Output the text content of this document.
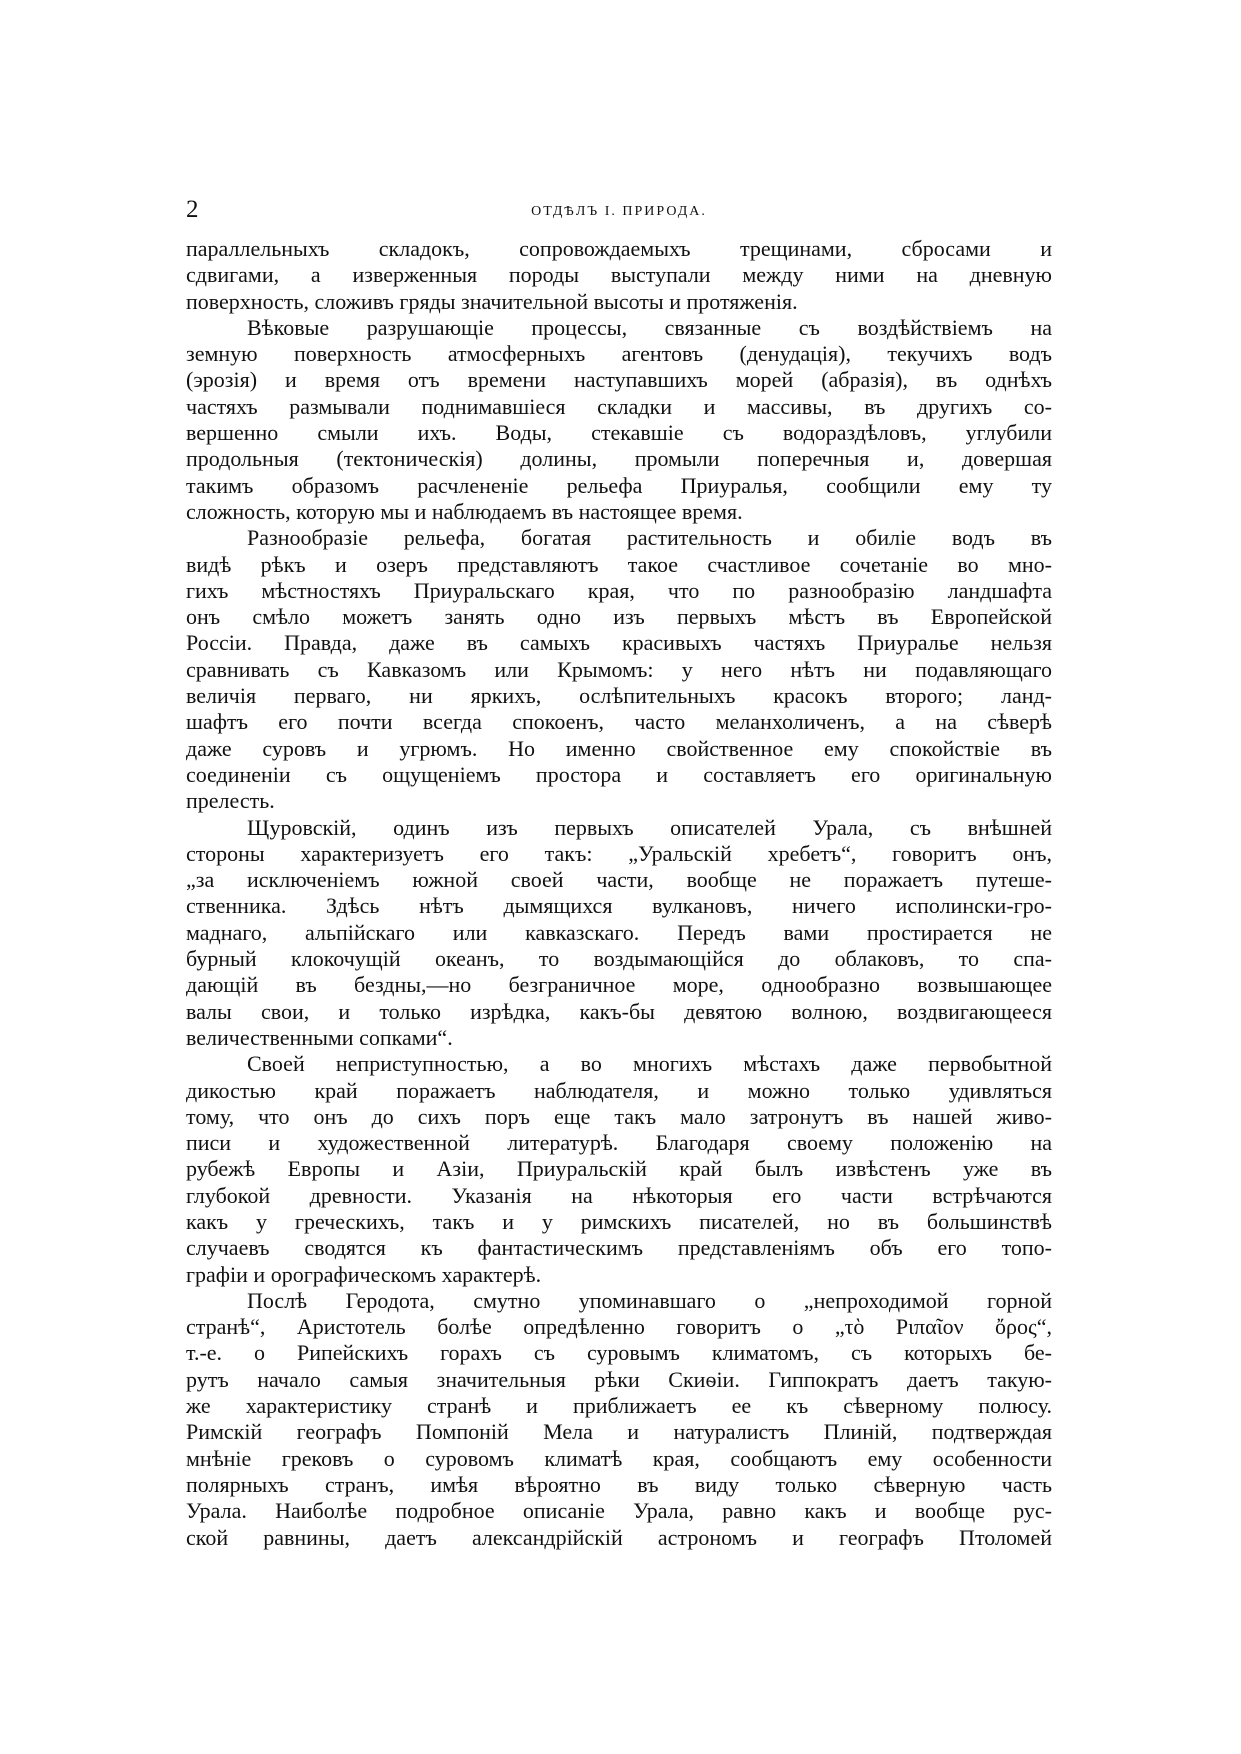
2	ОТДѢЛЪ I. ПРИРОДА.
параллельныхъ складокъ, сопровождаемыхъ трещинами, сбросами и
сдвигами, а изверженныя породы выступали между ними на дневную
поверхность, сложивъ гряды значительной высоты и протяженія.
Вѣковые разрушающіе процессы, связанные съ воздѣйствіемъ на
земную поверхность атмосферныхъ агентовъ (денудація), текучихъ водъ
(эрозія) и время отъ времени наступавшихъ морей (абразія), въ однѣхъ
частяхъ размывали поднимавшіеся складки и массивы, въ другихъ со-
вершенно смыли ихъ. Воды, стекавшіе съ водораздѣловъ, углубили
продольныя (тектоническія) долины, промыли поперечныя и, довершая
такимъ образомъ расчлененіе рельефа Приуралья, сообщили ему ту
сложность, которую мы и наблюдаемъ въ настоящее время.
Разнообразіе рельефа, богатая растительность и обиліе водъ въ
видѣ рѣкъ и озеръ представляютъ такое счастливое сочетаніе во мно-
гихъ мѣстностяхъ Приуральскаго края, что по разнообразію ландшафта
онъ смѣло можетъ занять одно изъ первыхъ мѣстъ въ Европейской
Россіи. Правда, даже въ самыхъ красивыхъ частяхъ Приуралье нельзя
сравнивать съ Кавказомъ или Крымомъ: у него нѣтъ ни подавляющаго
величія перваго, ни яркихъ, ослѣпительныхъ красокъ второго; ланд-
шафтъ его почти всегда спокоенъ, часто меланхоличенъ, а на сѣверѣ
даже суровъ и угрюмъ. Но именно свойственное ему спокойствіе въ
соединеніи съ ощущеніемъ простора и составляетъ его оригинальную
прелесть.
Щуровскій, одинъ изъ первыхъ описателей Урала, съ внѣшней
стороны характеризуетъ его такъ: „Уральскій хребетъ“, говоритъ онъ,
„за исключеніемъ южной своей части, вообще не поражаетъ путеше-
ственника. Здѣсь нѣтъ дымящихся вулкановъ, ничего исполински-гро-
маднаго, альпійскаго или кавказскаго. Передъ вами простирается не
бурный клокочущій океанъ, то воздымающійся до облаковъ, то спа-
дающій въ бездны,—но безграничное море, однообразно возвышающее
валы свои, и только изрѣдка, какъ-бы девятою волною, воздвигающееся
величественными сопками“.
Своей неприступностью, а во многихъ мѣстахъ даже первобытной
дикостью край поражаетъ наблюдателя, и можно только удивляться
тому, что онъ до сихъ поръ еще такъ мало затронутъ въ нашей живо-
писи и художественной литературѣ. Благодаря своему положенію на
рубежѣ Европы и Азіи, Приуральскій край былъ извѣстенъ уже въ
глубокой древности. Указанія на нѣкоторыя его части встрѣчаются
какъ у греческихъ, такъ и у римскихъ писателей, но въ большинствѣ
случаевъ сводятся къ фантастическимъ представленіямъ объ его топо-
графіи и орографическомъ характерѣ.
Послѣ Геродота, смутно упоминавшаго о „непроходимой горной
странѣ“, Аристотель болѣе опредѣленно говоритъ о „τὸ Ριπαῖον ὄρος“,
т.-е. о Рипейскихъ горахъ съ суровымъ климатомъ, съ которыхъ бе-
рутъ начало самыя значительныя рѣки Скиѳіи. Гиппократъ даетъ такую-
же характеристику странѣ и приближаетъ ее къ сѣверному полюсу.
Римскій географъ Помпоній Мела и натуралистъ Плиній, подтверждая
мнѣніе грековъ о суровомъ климатѣ края, сообщаютъ ему особенности
полярныхъ странъ, имѣя вѣроятно въ виду только сѣверную часть
Урала. Наиболѣе подробное описаніе Урала, равно какъ и вообще рус-
ской равнины, даетъ александрійскій астрономъ и географъ Птоломей
